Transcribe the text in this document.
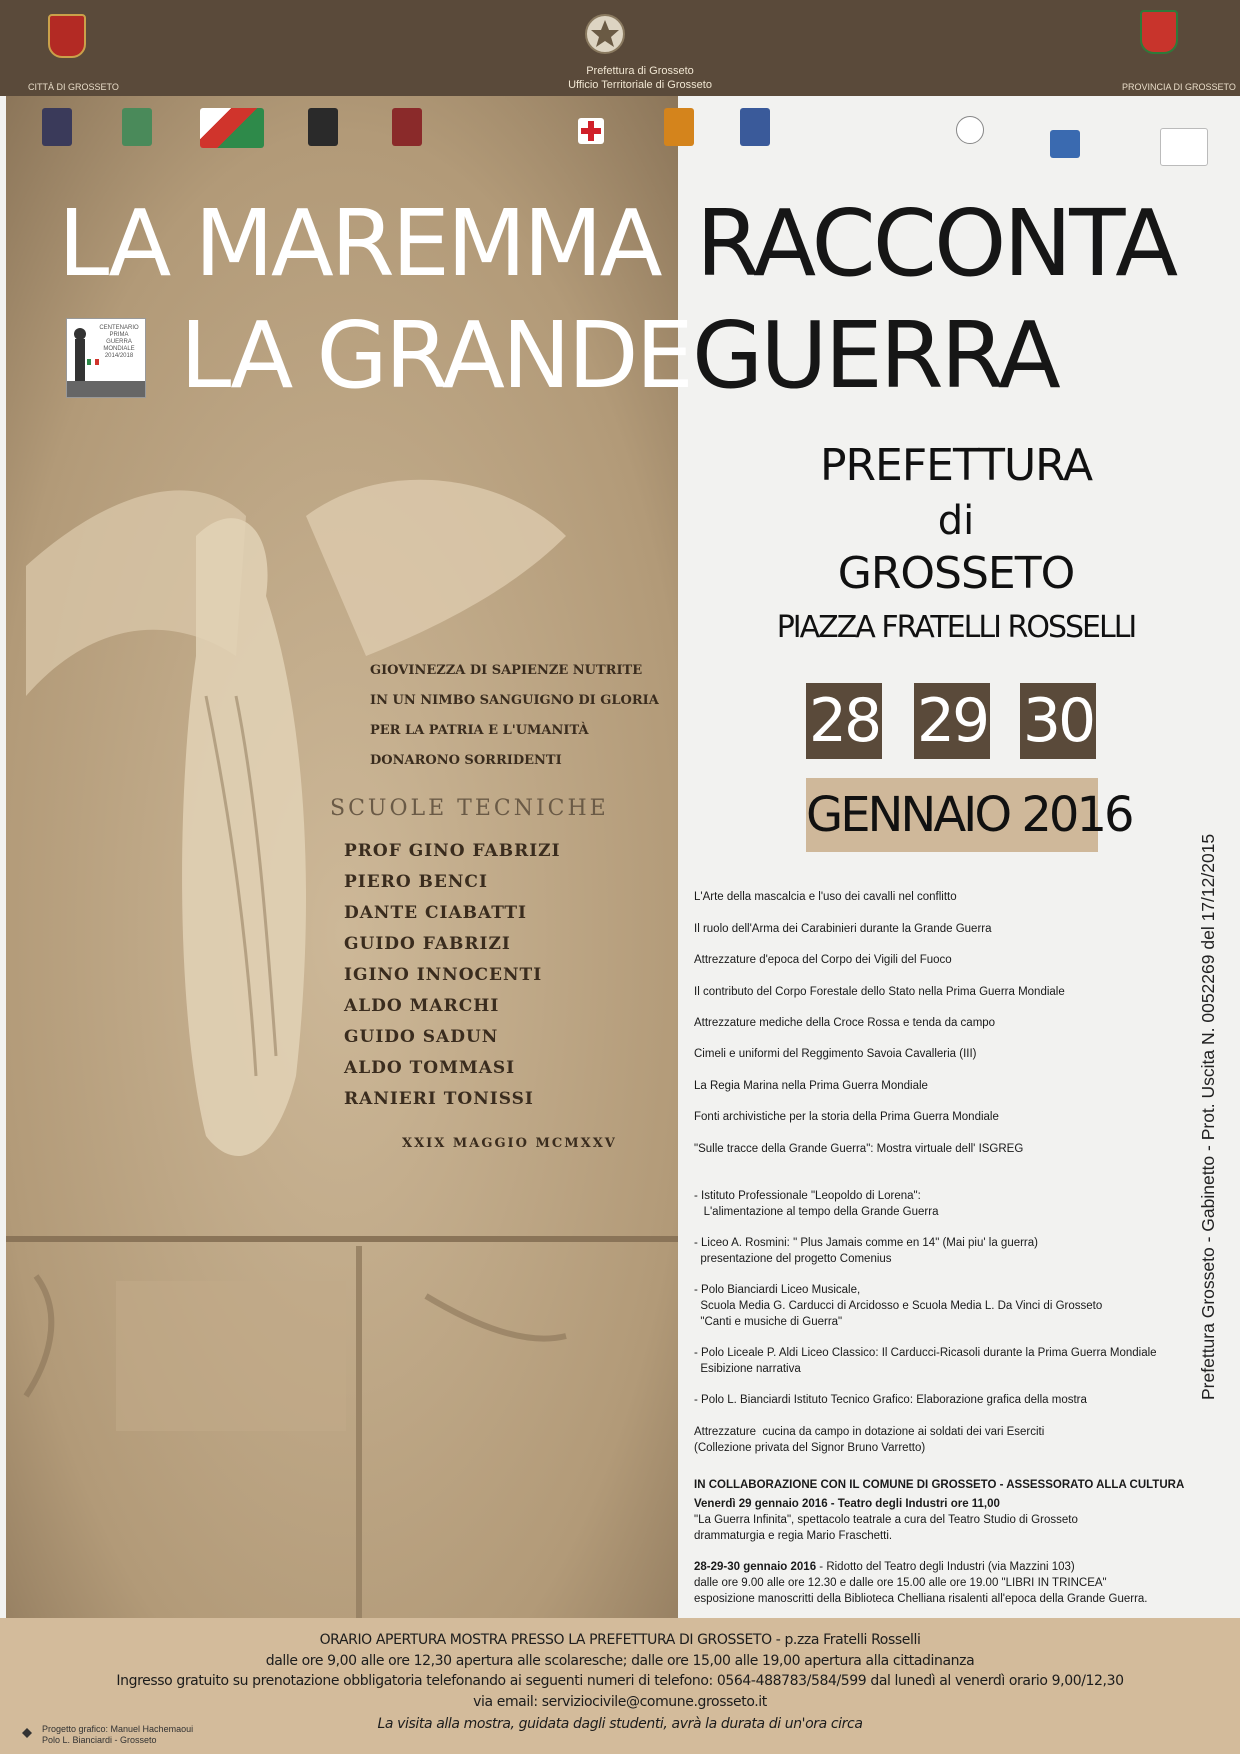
CITTÀ DI GROSSETO
Prefettura di Grosseto
Ufficio Territoriale di Grosseto	PROVINCIA DI GROSSETO
GIOVINEZZA DI SAPIENZE NUTRITE
IN UN NIMBO SANGUIGNO DI GLORIA
PER LA PATRIA E L'UMANITÀ
DONARONO SORRIDENTI
SCUOLE TECNICHE
PROF GINO FABRIZI
PIERO BENCI
DANTE CIABATTI
GUIDO FABRIZI
IGINO INNOCENTI
ALDO MARCHI
GUIDO SADUN
ALDO TOMMASI
RANIERI TONISSI
XXIX MAGGIO MCMXXV
LA MAREMMA RACCONTA
LA GRANDE GUERRA
CENTENARIO PRIMA GUERRA MONDIALE 2014/2018
PREFETTURA
di
GROSSETO
PIAZZA FRATELLI ROSSELLI
28 29 30
GENNAIO 2016
L'Arte della mascalcia e l'uso dei cavalli nel conflitto
Il ruolo dell'Arma dei Carabinieri durante la Grande Guerra
Attrezzature d'epoca del Corpo dei Vigili del Fuoco
Il contributo del Corpo Forestale dello Stato nella Prima Guerra Mondiale
Attrezzature mediche della Croce Rossa e tenda da campo
Cimeli e uniformi del Reggimento Savoia Cavalleria (III)
La Regia Marina nella Prima Guerra Mondiale
Fonti archivistiche per la storia della Prima Guerra Mondiale
"Sulle tracce della Grande Guerra": Mostra virtuale dell' ISGREG
- Istituto Professionale "Leopoldo di Lorena":
L'alimentazione al tempo della Grande Guerra
- Liceo A. Rosmini: " Plus Jamais comme en 14" (Mai piu' la guerra)
presentazione del progetto Comenius
- Polo Bianciardi Liceo Musicale,
Scuola Media G. Carducci di Arcidosso e Scuola Media L. Da Vinci di Grosseto
"Canti e musiche di Guerra"
- Polo Liceale P. Aldi Liceo Classico: Il Carducci-Ricasoli durante la Prima Guerra Mondiale
Esibizione narrativa
- Polo L. Bianciardi Istituto Tecnico Grafico: Elaborazione grafica della mostra
Attrezzature  cucina da campo in dotazione ai soldati dei vari Eserciti
(Collezione privata del Signor Bruno Varretto)
IN COLLABORAZIONE CON IL COMUNE DI GROSSETO - ASSESSORATO ALLA CULTURA
Venerdì 29 gennaio 2016 - Teatro degli Industri ore 11,00
"La Guerra Infinita", spettacolo teatrale a cura del Teatro Studio di Grosseto
drammaturgia e regia Mario Fraschetti.
28-29-30 gennaio 2016 - Ridotto del Teatro degli Industri (via Mazzini 103)
dalle ore 9.00 alle ore 12.30 e dalle ore 15.00 alle ore 19.00 "LIBRI IN TRINCEA"
esposizione manoscritti della Biblioteca Chelliana risalenti all'epoca della Grande Guerra.
Prefettura Grosseto - Gabinetto - Prot. Uscita N. 0052269 del 17/12/2015
ORARIO APERTURA MOSTRA PRESSO LA PREFETTURA DI GROSSETO - p.zza Fratelli Rosselli
dalle ore 9,00 alle ore 12,30 apertura alle scolaresche; dalle ore 15,00 alle 19,00 apertura alla cittadinanza
Ingresso gratuito su prenotazione obbligatoria telefonando ai seguenti numeri di telefono: 0564-488783/584/599 dal lunedì al venerdì orario 9,00/12,30
via email: serviziocivile@comune.grosseto.it
La visita alla mostra, guidata dagli studenti, avrà la durata di un'ora circa
Progetto grafico: Manuel Hachemaoui
Polo L. Bianciardi - Grosseto
